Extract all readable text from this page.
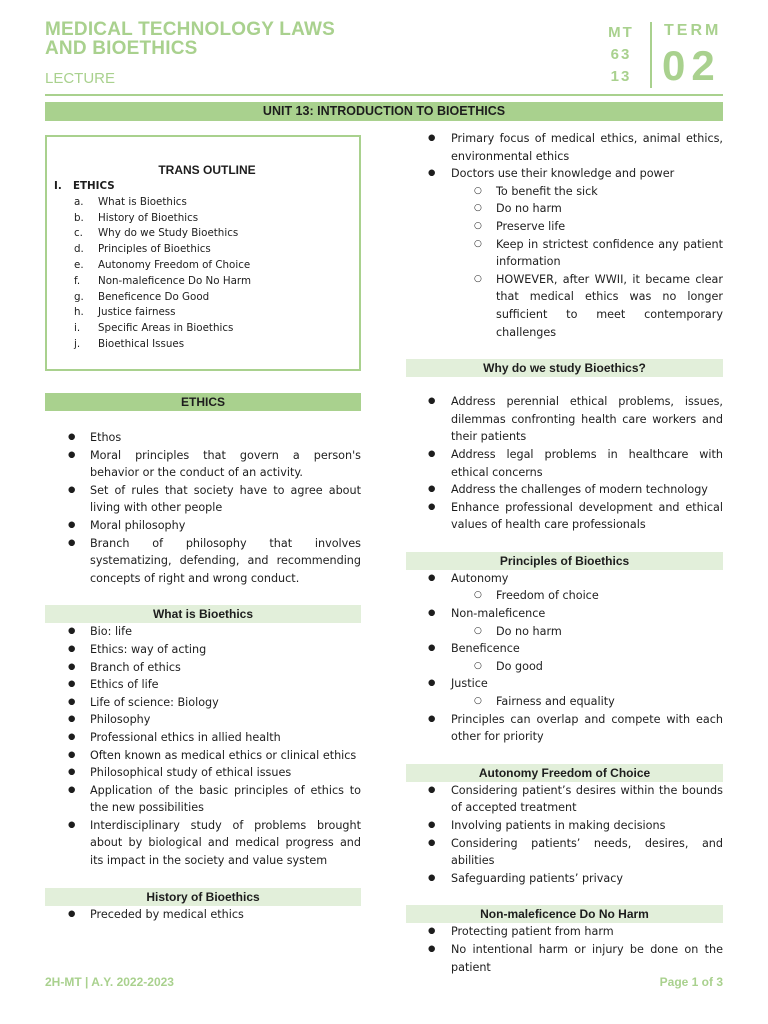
MEDICAL TECHNOLOGY LAWS
AND BIOETHICS
LECTURE
MT
63
13
TERM
02
UNIT 13: INTRODUCTION TO BIOETHICS
TRANS OUTLINE
I. ETHICS
a. What is Bioethics
b. History of Bioethics
c. Why do we Study Bioethics
d. Principles of Bioethics
e. Autonomy Freedom of Choice
f. Non-maleficence Do No Harm
g. Beneficence Do Good
h. Justice fairness
i. Specific Areas in Bioethics
j. Bioethical Issues
ETHICS
● Ethos
● Moral principles that govern a person's behavior or the conduct of an activity.
● Set of rules that society have to agree about living with other people
● Moral philosophy
● Branch of philosophy that involves systematizing, defending, and recommending concepts of right and wrong conduct.
What is Bioethics
● Bio: life
● Ethics: way of acting
● Branch of ethics
● Ethics of life
● Life of science: Biology
● Philosophy
● Professional ethics in allied health
● Often known as medical ethics or clinical ethics
● Philosophical study of ethical issues
● Application of the basic principles of ethics to the new possibilities
● Interdisciplinary study of problems brought about by biological and medical progress and its impact in the society and value system
History of Bioethics
● Preceded by medical ethics
● Primary focus of medical ethics, animal ethics, environmental ethics
● Doctors use their knowledge and power
○ To benefit the sick
○ Do no harm
○ Preserve life
○ Keep in strictest confidence any patient information
○ HOWEVER, after WWII, it became clear that medical ethics was no longer sufficient to meet contemporary challenges
Why do we study Bioethics?
● Address perennial ethical problems, issues, dilemmas confronting health care workers and their patients
● Address legal problems in healthcare with ethical concerns
● Address the challenges of modern technology
● Enhance professional development and ethical values of health care professionals
Principles of Bioethics
● Autonomy
○ Freedom of choice
● Non-maleficence
○ Do no harm
● Beneficence
○ Do good
● Justice
○ Fairness and equality
● Principles can overlap and compete with each other for priority
Autonomy Freedom of Choice
● Considering patient’s desires within the bounds of accepted treatment
● Involving patients in making decisions
● Considering patients’ needs, desires, and abilities
● Safeguarding patients’ privacy
Non-maleficence Do No Harm
● Protecting patient from harm
● No intentional harm or injury be done on the patient
2H-MT | A.Y. 2022-2023	Page 1 of 3
